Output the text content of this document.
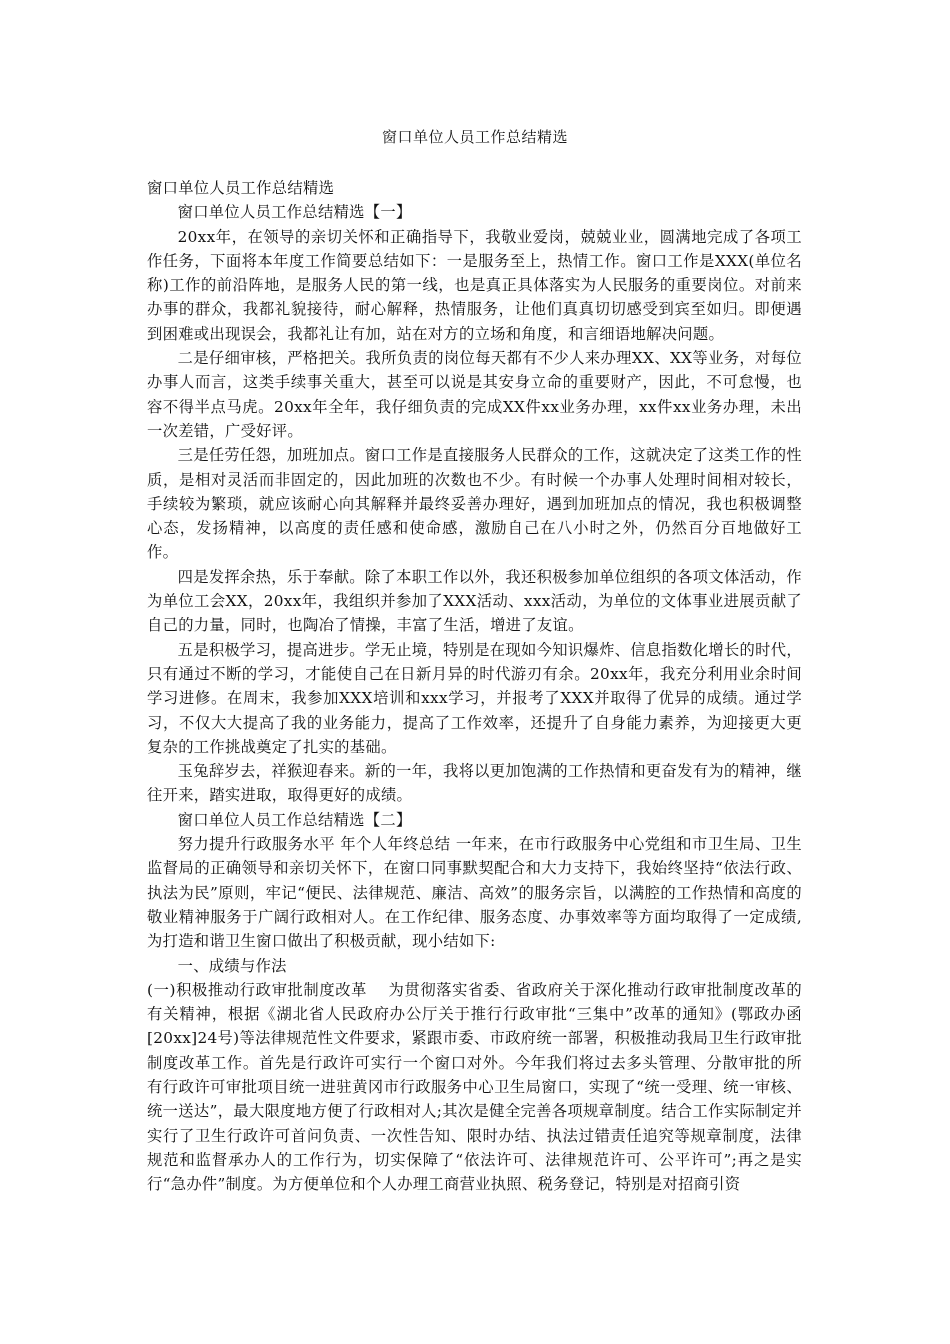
窗口单位人员工作总结精选

窗口单位人员工作总结精选

窗口单位人员工作总结精选【一】

20xx年，在领导的亲切关怀和正确指导下，我敬业爱岗，兢兢业业，圆满地完成了各项工作任务，下面将本年度工作简要总结如下：一是服务至上，热情工作。窗口工作是XXX(单位名称)工作的前沿阵地，是服务人民的第一线，也是真正具体落实为人民服务的重要岗位。对前来办事的群众，我都礼貌接待，耐心解释，热情服务，让他们真真切切感受到宾至如归。即便遇到困难或出现误会，我都礼让有加，站在对方的立场和角度，和言细语地解决问题。

二是仔细审核，严格把关。我所负责的岗位每天都有不少人来办理XX、XX等业务，对每位办事人而言，这类手续事关重大，甚至可以说是其安身立命的重要财产，因此，不可怠慢，也容不得半点马虎。20xx年全年，我仔细负责的完成XX件xx业务办理，xx件xx业务办理，未出一次差错，广受好评。

三是任劳任怨，加班加点。窗口工作是直接服务人民群众的工作，这就决定了这类工作的性质，是相对灵活而非固定的，因此加班的次数也不少。有时候一个办事人处理时间相对较长，手续较为繁琐，就应该耐心向其解释并最终妥善办理好，遇到加班加点的情况，我也积极调整心态，发扬精神，以高度的责任感和使命感，激励自己在八小时之外，仍然百分百地做好工作。

四是发挥余热，乐于奉献。除了本职工作以外，我还积极参加单位组织的各项文体活动，作为单位工会XX，20xx年，我组织并参加了XXX活动、xxx活动，为单位的文体事业进展贡献了自己的力量，同时，也陶冶了情操，丰富了生活，增进了友谊。

五是积极学习，提高进步。学无止境，特别是在现如今知识爆炸、信息指数化增长的时代，只有通过不断的学习，才能使自己在日新月异的时代游刃有余。20xx年，我充分利用业余时间学习进修。在周末，我参加XXX培训和xxx学习，并报考了XXX并取得了优异的成绩。通过学习，不仅大大提高了我的业务能力，提高了工作效率，还提升了自身能力素养，为迎接更大更复杂的工作挑战奠定了扎实的基础。

玉兔辞岁去，祥猴迎春来。新的一年，我将以更加饱满的工作热情和更奋发有为的精神，继往开来，踏实进取，取得更好的成绩。

窗口单位人员工作总结精选【二】

努力提升行政服务水平 年个人年终总结 一年来，在市行政服务中心党组和市卫生局、卫生监督局的正确领导和亲切关怀下，在窗口同事默契配合和大力支持下，我始终坚持“依法行政、执法为民”原则，牢记“便民、法律规范、廉洁、高效”的服务宗旨，以满腔的工作热情和高度的敬业精神服务于广阔行政相对人。在工作纪律、服务态度、办事效率等方面均取得了一定成绩,为打造和谐卫生窗口做出了积极贡献，现小结如下:

一、成绩与作法

(一)积极推动行政审批制度改革　 为贯彻落实省委、省政府关于深化推动行政审批制度改革的有关精神，根据《湖北省人民政府办公厅关于推行行政审批“三集中”改革的通知》(鄂政办函[20xx]24号)等法律规范性文件要求，紧跟市委、市政府统一部署，积极推动我局卫生行政审批制度改革工作。首先是行政许可实行一个窗口对外。今年我们将过去多头管理、分散审批的所有行政许可审批项目统一进驻黄冈市行政服务中心卫生局窗口，实现了“统一受理、统一审核、统一送达”，最大限度地方便了行政相对人;其次是健全完善各项规章制度。结合工作实际制定并实行了卫生行政许可首问负责、一次性告知、限时办结、执法过错责任追究等规章制度，法律规范和监督承办人的工作行为，切实保障了“依法许可、法律规范许可、公平许可”;再之是实行“急办件”制度。为方便单位和个人办理工商营业执照、税务登记，特别是对招商引资
